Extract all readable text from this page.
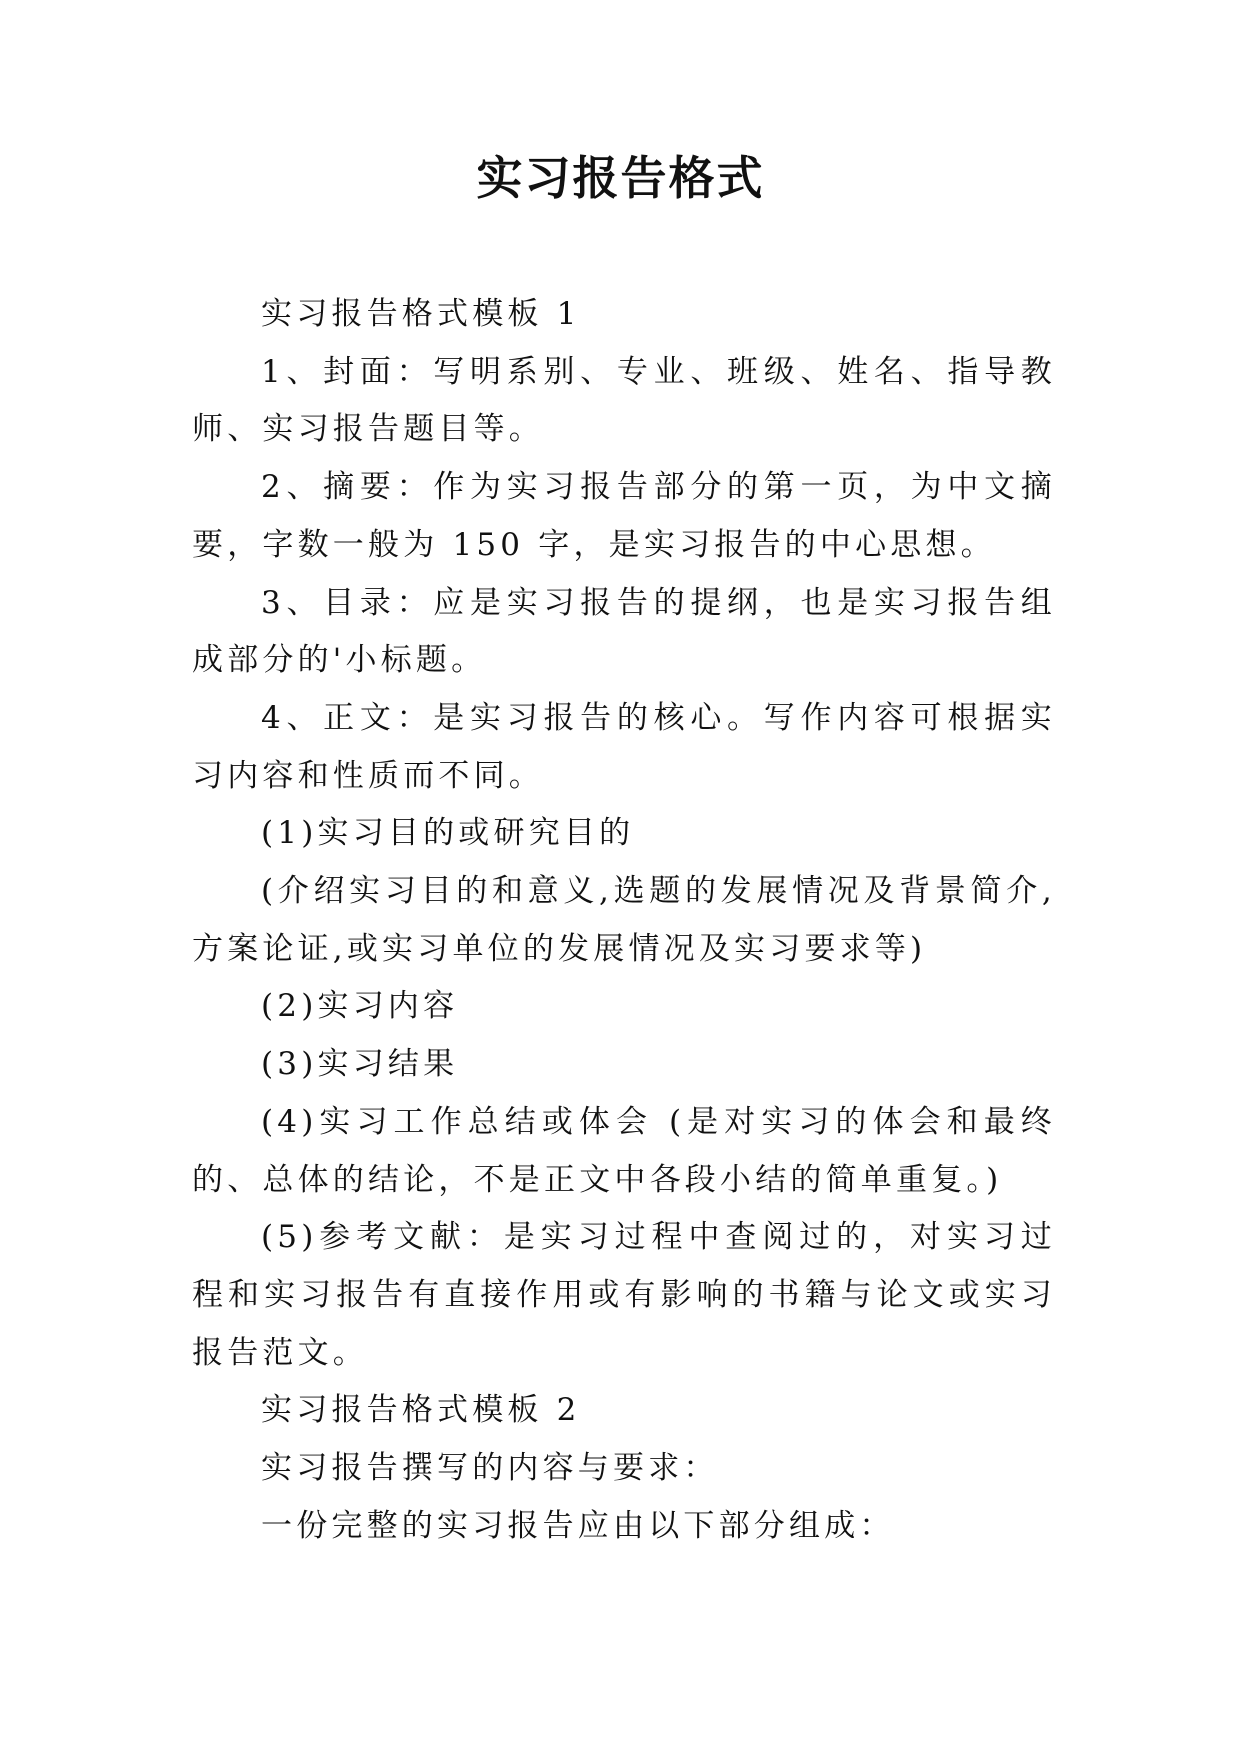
实习报告格式

实习报告格式模板 1

1、封面：写明系别、专业、班级、姓名、指导教师、实习报告题目等。

2、摘要：作为实习报告部分的第一页，为中文摘要，字数一般为 150 字，是实习报告的中心思想。

3、目录：应是实习报告的提纲，也是实习报告组成部分的'小标题。

4、正文：是实习报告的核心。写作内容可根据实习内容和性质而不同。

(1)实习目的或研究目的

(介绍实习目的和意义,选题的发展情况及背景简介,方案论证,或实习单位的发展情况及实习要求等)

(2)实习内容

(3)实习结果

(4)实习工作总结或体会 (是对实习的体会和最终的、总体的结论，不是正文中各段小结的简单重复。)

(5)参考文献：是实习过程中查阅过的，对实习过程和实习报告有直接作用或有影响的书籍与论文或实习报告范文。

实习报告格式模板 2

实习报告撰写的内容与要求：

一份完整的实习报告应由以下部分组成：
